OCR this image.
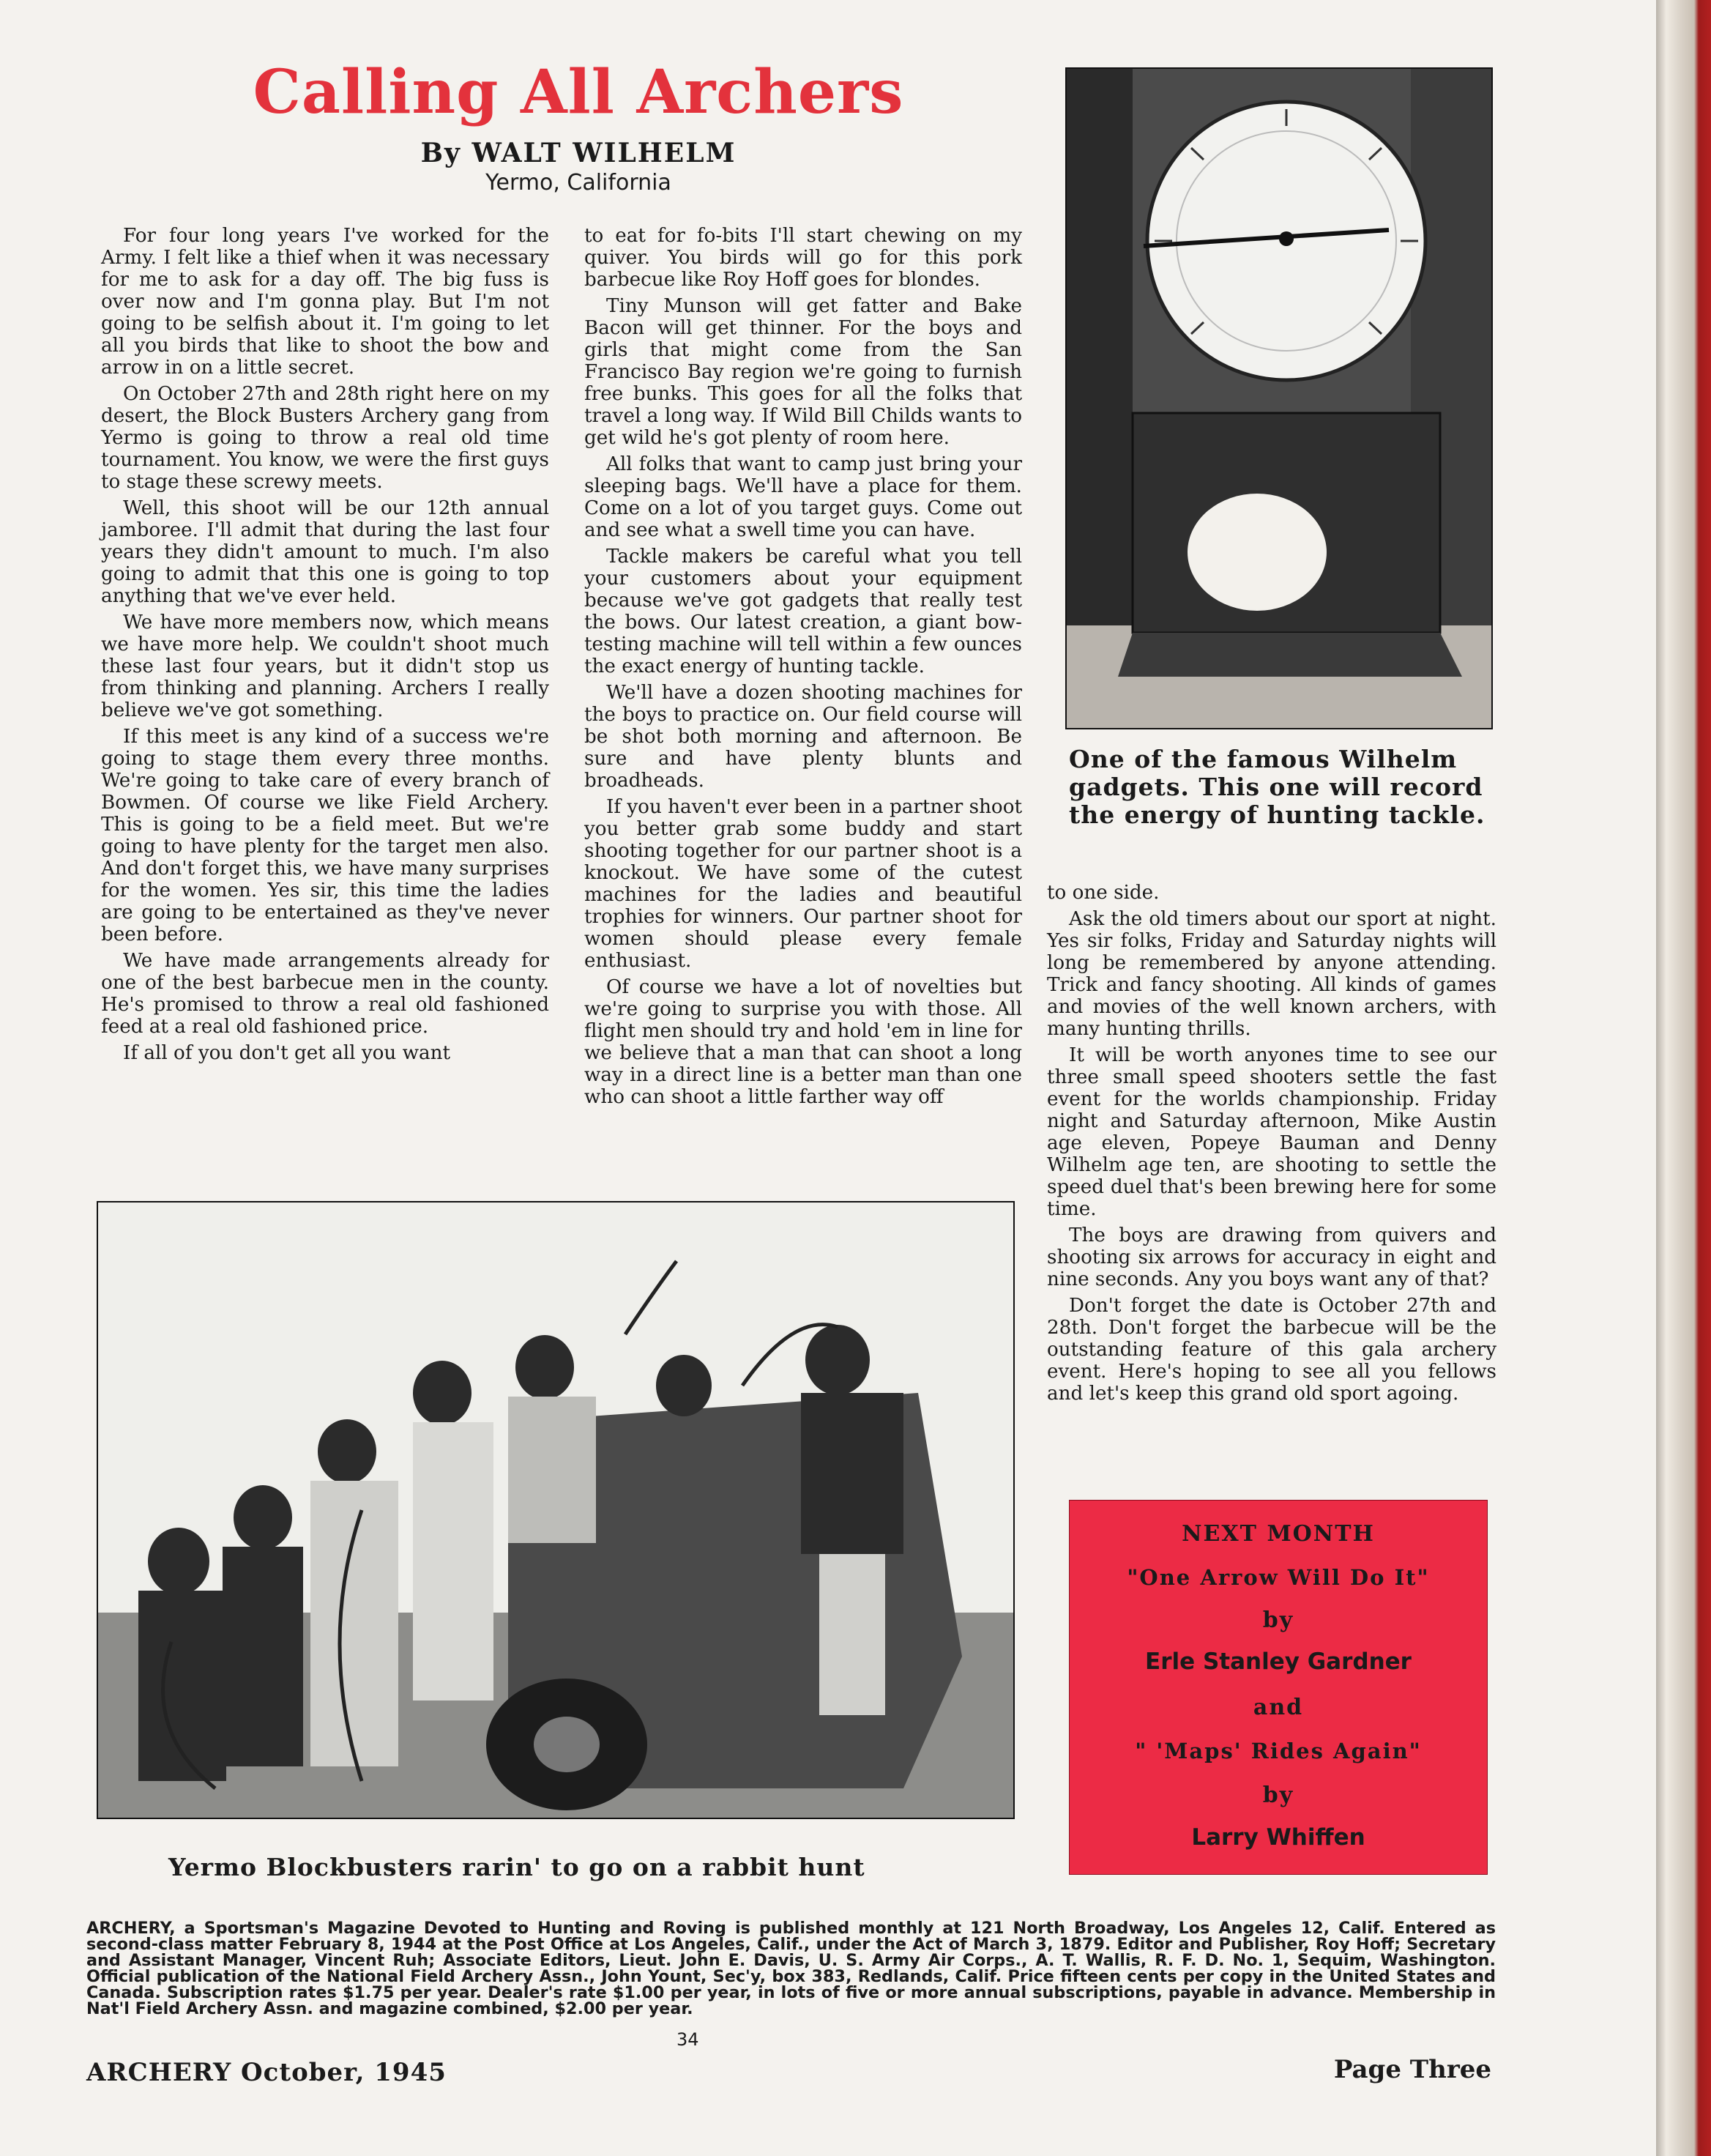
Calling All Archers
By WALT WILHELM
Yermo, California

For four long years I've worked for the Army. I felt like a thief when it was necessary for me to ask for a day off. The big fuss is over now and I'm gonna play. But I'm not going to be selfish about it. I'm going to let all you birds that like to shoot the bow and arrow in on a little secret.

On October 27th and 28th right here on my desert, the Block Busters Archery gang from Yermo is going to throw a real old time tournament. You know, we were the first guys to stage these screwy meets.

Well, this shoot will be our 12th annual jamboree. I'll admit that during the last four years they didn't amount to much. I'm also going to admit that this one is going to top anything that we've ever held.

We have more members now, which means we have more help. We couldn't shoot much these last four years, but it didn't stop us from thinking and planning. Archers I really believe we've got something.

If this meet is any kind of a success we're going to stage them every three months. We're going to take care of every branch of Bowmen. Of course we like Field Archery. This is going to be a field meet. But we're going to have plenty for the target men also. And don't forget this, we have many surprises for the women. Yes sir, this time the ladies are going to be entertained as they've never been before.

We have made arrangements already for one of the best barbecue men in the county. He's promised to throw a real old fashioned feed at a real old fashioned price.

If all of you don't get all you want

to eat for fo-bits I'll start chewing on my quiver. You birds will go for this pork barbecue like Roy Hoff goes for blondes.

Tiny Munson will get fatter and Bake Bacon will get thinner. For the boys and girls that might come from the San Francisco Bay region we're going to furnish free bunks. This goes for all the folks that travel a long way. If Wild Bill Childs wants to get wild he's got plenty of room here.

All folks that want to camp just bring your sleeping bags. We'll have a place for them. Come on a lot of you target guys. Come out and see what a swell time you can have.

Tackle makers be careful what you tell your customers about your equipment because we've got gadgets that really test the bows. Our latest creation, a giant bow-testing machine will tell within a few ounces the exact energy of hunting tackle.

We'll have a dozen shooting machines for the boys to practice on. Our field course will be shot both morning and afternoon. Be sure and have plenty blunts and broadheads.

If you haven't ever been in a partner shoot you better grab some buddy and start shooting together for our partner shoot is a knockout. We have some of the cutest machines for the ladies and beautiful trophies for winners. Our partner shoot for women should please every female enthusiast.

Of course we have a lot of novelties but we're going to surprise you with those. All flight men should try and hold 'em in line for we believe that a man that can shoot a long way in a direct line is a better man than one who can shoot a little farther way off

One of the famous Wilhelm gadgets. This one will record the energy of hunting tackle.

to one side.

Ask the old timers about our sport at night. Yes sir folks, Friday and Saturday nights will long be remembered by anyone attending. Trick and fancy shooting. All kinds of games and movies of the well known archers, with many hunting thrills.

It will be worth anyones time to see our three small speed shooters settle the fast event for the worlds championship. Friday night and Saturday afternoon, Mike Austin age eleven, Popeye Bauman and Denny Wilhelm age ten, are shooting to settle the speed duel that's been brewing here for some time.

The boys are drawing from quivers and shooting six arrows for accuracy in eight and nine seconds. Any you boys want any of that?

Don't forget the date is October 27th and 28th. Don't forget the barbecue will be the outstanding feature of this gala archery event. Here's hoping to see all you fellows and let's keep this grand old sport agoing.

Yermo Blockbusters rarin' to go on a rabbit hunt
NEXT MONTH
"One Arrow Will Do It"
by
Erle Stanley Gardner
and
" 'Maps' Rides Again"
by
Larry Whiffen
ARCHERY, a Sportsman's Magazine Devoted to Hunting and Roving is published monthly at 121 North Broadway, Los Angeles 12, Calif. Entered as second-class matter February 8, 1944 at the Post Office at Los Angeles, Calif., under the Act of March 3, 1879. Editor and Publisher, Roy Hoff; Secretary and Assistant Manager, Vincent Ruh; Associate Editors, Lieut. John E. Davis, U. S. Army Air Corps., A. T. Wallis, R. F. D. No. 1, Sequim, Washington. Official publication of the National Field Archery Assn., John Yount, Sec'y, box 383, Redlands, Calif. Price fifteen cents per copy in the United States and Canada. Subscription rates $1.75 per year. Dealer's rate $1.00 per year, in lots of five or more annual subscriptions, payable in advance. Membership in Nat'l Field Archery Assn. and magazine combined, $2.00 per year.
34
ARCHERY October, 1945	Page Three
